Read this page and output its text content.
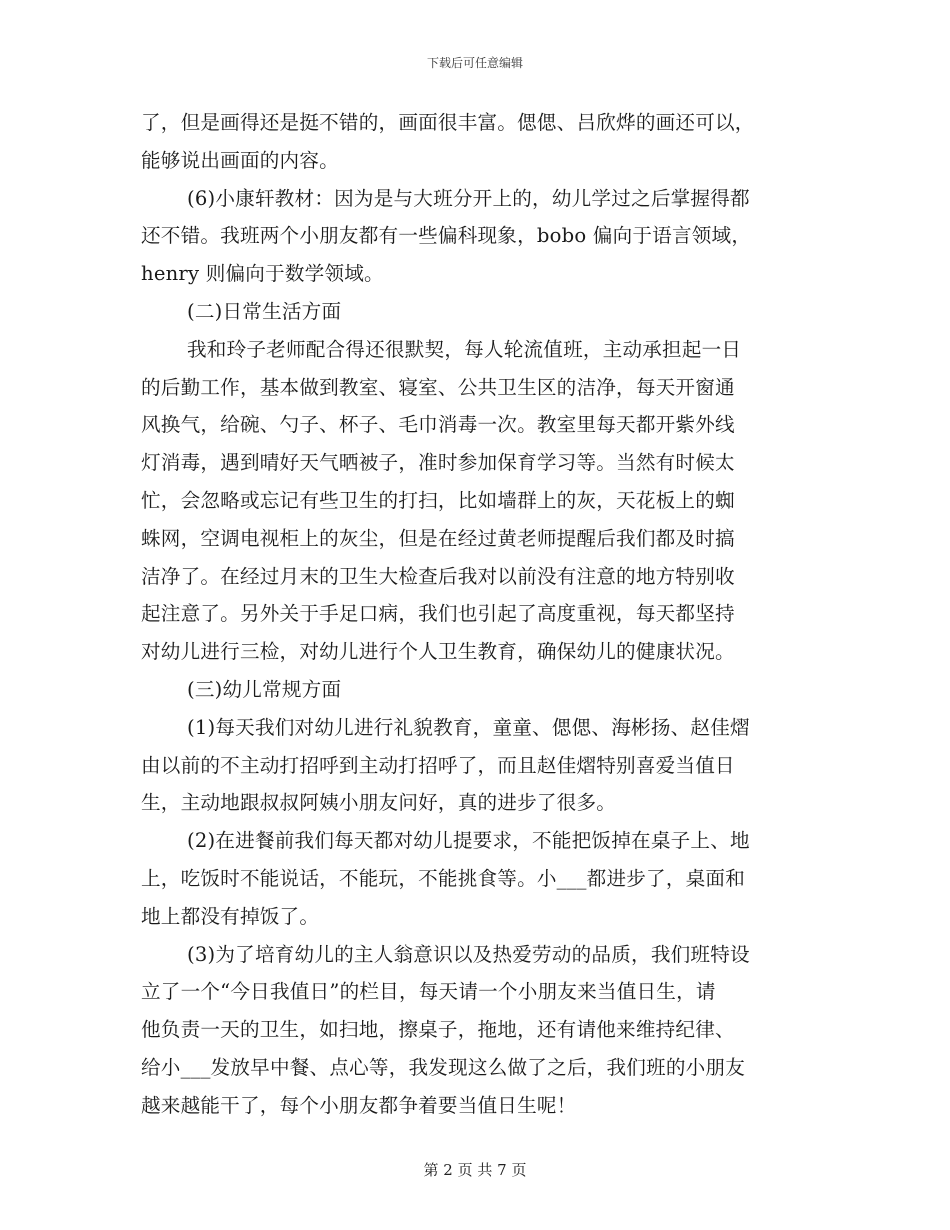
下载后可任意编辑
了，但是画得还是挺不错的，画面很丰富。偲偲、吕欣烨的画还可以，
能够说出画面的内容。
(6)小康轩教材：因为是与大班分开上的，幼儿学过之后掌握得都
还不错。我班两个小朋友都有一些偏科现象，bobo 偏向于语言领域，
henry 则偏向于数学领域。
(二)日常生活方面
我和玲子老师配合得还很默契，每人轮流值班，主动承担起一日
的后勤工作，基本做到教室、寝室、公共卫生区的洁净，每天开窗通
风换气，给碗、勺子、杯子、毛巾消毒一次。教室里每天都开紫外线
灯消毒，遇到晴好天气晒被子，准时参加保育学习等。当然有时候太
忙，会忽略或忘记有些卫生的打扫，比如墙群上的灰，天花板上的蜘
蛛网，空调电视柜上的灰尘，但是在经过黄老师提醒后我们都及时搞
洁净了。在经过月末的卫生大检查后我对以前没有注意的地方特别收
起注意了。另外关于手足口病，我们也引起了高度重视，每天都坚持
对幼儿进行三检，对幼儿进行个人卫生教育，确保幼儿的健康状况。
(三)幼儿常规方面
(1)每天我们对幼儿进行礼貌教育，童童、偲偲、海彬扬、赵佳熠
由以前的不主动打招呼到主动打招呼了，而且赵佳熠特别喜爱当值日
生，主动地跟叔叔阿姨小朋友问好，真的进步了很多。
(2)在进餐前我们每天都对幼儿提要求，不能把饭掉在桌子上、地
上，吃饭时不能说话，不能玩，不能挑食等。小___都进步了，桌面和
地上都没有掉饭了。
(3)为了培育幼儿的主人翁意识以及热爱劳动的品质，我们班特设
立了一个“今日我值日”的栏目，每天请一个小朋友来当值日生，请
他负责一天的卫生，如扫地，擦桌子，拖地，还有请他来维持纪律、
给小___发放早中餐、点心等，我发现这么做了之后，我们班的小朋友
越来越能干了，每个小朋友都争着要当值日生呢！
第 2 页 共 7 页
